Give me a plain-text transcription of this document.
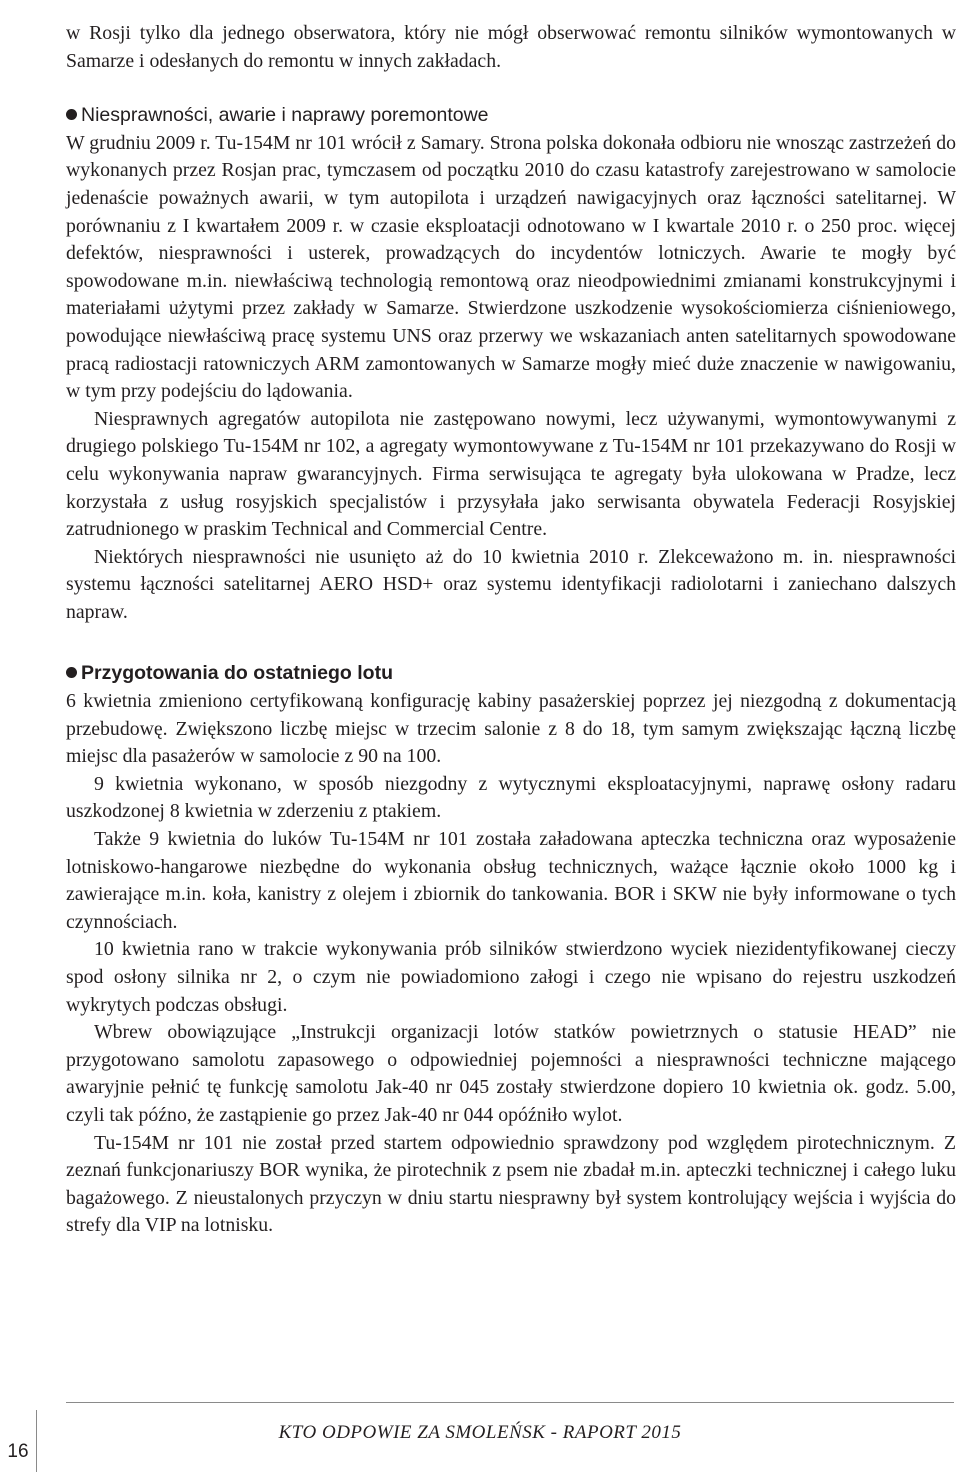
w Rosji tylko dla jednego obserwatora, który nie mógł obserwować remontu silników wymontowanych w Samarze i odesłanych do remontu w innych zakładach.

Niesprawności, awarie i naprawy poremontowe

W grudniu 2009 r. Tu-154M nr 101 wrócił z Samary. Strona polska dokonała odbioru nie wnosząc zastrzeżeń do wykonanych przez Rosjan prac, tymczasem od początku 2010 do czasu katastrofy zarejestrowano w samolocie jedenaście poważnych awarii, w tym autopilota i urządzeń nawigacyjnych oraz łączności satelitarnej. W porównaniu z I kwartałem 2009 r. w czasie eksploatacji odnotowano w I kwartale 2010 r. o 250 proc. więcej defektów, niesprawności i usterek, prowadzących do incydentów lotniczych. Awarie te mogły być spowodowane m.in. niewłaściwą technologią remontową oraz nieodpowiednimi zmianami konstrukcyjnymi i materiałami użytymi przez zakłady w Samarze. Stwierdzone uszkodzenie wysokościomierza ciśnieniowego, powodujące niewłaściwą pracę systemu UNS oraz przerwy we wskazaniach anten satelitarnych spowodowane pracą radiostacji ratowniczych ARM zamontowanych w Samarze mogły mieć duże znaczenie w nawigowaniu, w tym przy podejściu do lądowania.

Niesprawnych agregatów autopilota nie zastępowano nowymi, lecz używanymi, wymontowywanymi z drugiego polskiego Tu-154M nr 102, a agregaty wymontowywane z Tu-154M nr 101 przekazywano do Rosji w celu wykonywania napraw gwarancyjnych. Firma serwisująca te agregaty była ulokowana w Pradze, lecz korzystała z usług rosyjskich specjalistów i przysyłała jako serwisanta obywatela Federacji Rosyjskiej zatrudnionego w praskim Technical and Commercial Centre.

Niektórych niesprawności nie usunięto aż do 10 kwietnia 2010 r. Zlekceważono m. in. niesprawności systemu łączności satelitarnej AERO HSD+ oraz systemu identyfikacji radiolotarni i zaniechano dalszych napraw.

Przygotowania do ostatniego lotu

6 kwietnia zmieniono certyfikowaną konfigurację kabiny pasażerskiej poprzez jej niezgodną z dokumentacją przebudowę. Zwiększono liczbę miejsc w trzecim salonie z 8 do 18, tym samym zwiększając łączną liczbę miejsc dla pasażerów w samolocie z 90 na 100.

9 kwietnia wykonano, w sposób niezgodny z wytycznymi eksploatacyjnymi, naprawę osłony radaru uszkodzonej 8 kwietnia w zderzeniu z ptakiem.

Także 9 kwietnia do luków Tu-154M nr 101 została załadowana apteczka techniczna oraz wyposażenie lotniskowo-hangarowe niezbędne do wykonania obsług technicznych, ważące łącznie około 1000 kg i zawierające m.in. koła, kanistry z olejem i zbiornik do tankowania. BOR i SKW nie były informowane o tych czynnościach.

10 kwietnia rano w trakcie wykonywania prób silników stwierdzono wyciek niezidentyfikowanej cieczy spod osłony silnika nr 2, o czym nie powiadomiono załogi i czego nie wpisano do rejestru uszkodzeń wykrytych podczas obsługi.

Wbrew obowiązujące „Instrukcji organizacji lotów statków powietrznych o statusie HEAD” nie przygotowano samolotu zapasowego o odpowiedniej pojemności a niesprawności techniczne mającego awaryjnie pełnić tę funkcję samolotu Jak-40 nr 045 zostały stwierdzone dopiero 10 kwietnia ok. godz. 5.00, czyli tak późno, że zastąpienie go przez Jak-40 nr 044 opóźniło wylot.

Tu-154M nr 101 nie został przed startem odpowiednio sprawdzony pod względem pirotechnicznym. Z zeznań funkcjonariuszy BOR wynika, że pirotechnik z psem nie zbadał m.in. apteczki technicznej i całego luku bagażowego. Z nieustalonych przyczyn w dniu startu niesprawny był system kontrolujący wejścia i wyjścia do strefy dla VIP na lotnisku.

KTO ODPOWIE ZA SMOLEŃSK - RAPORT 2015
16
